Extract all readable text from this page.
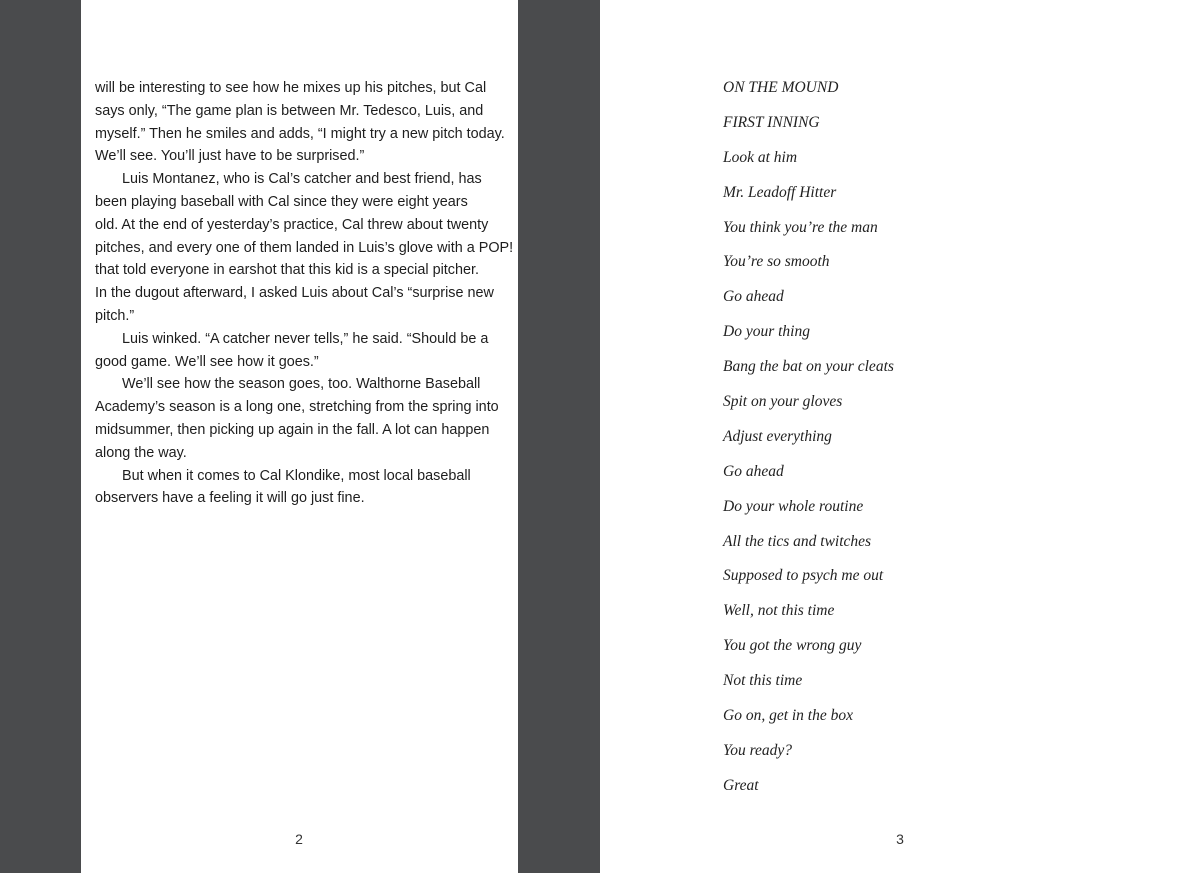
will be interesting to see how he mixes up his pitches, but Cal
says only, “The game plan is between Mr. Tedesco, Luis, and
myself.” Then he smiles and adds, “I might try a new pitch today.
We’ll see. You’ll just have to be surprised.”

Luis Montanez, who is Cal’s catcher and best friend, has
been playing baseball with Cal since they were eight years
old. At the end of yesterday’s practice, Cal threw about twenty
pitches, and every one of them landed in Luis’s glove with a POP!
that told everyone in earshot that this kid is a special pitcher.
In the dugout afterward, I asked Luis about Cal’s “surprise new
pitch.”

Luis winked. “A catcher never tells,” he said. “Should be a
good game. We’ll see how it goes.”

We’ll see how the season goes, too. Walthorne Baseball
Academy’s season is a long one, stretching from the spring into
midsummer, then picking up again in the fall. A lot can happen
along the way.

But when it comes to Cal Klondike, most local baseball
observers have a feeling it will go just fine.

2
ON THE MOUND
FIRST INNING
Look at him
Mr. Leadoff Hitter
You think you’re the man
You’re so smooth
Go ahead
Do your thing
Bang the bat on your cleats
Spit on your gloves
Adjust everything
Go ahead
Do your whole routine
All the tics and twitches
Supposed to psych me out
Well, not this time
You got the wrong guy
Not this time
Go on, get in the box
You ready?
Great
3
